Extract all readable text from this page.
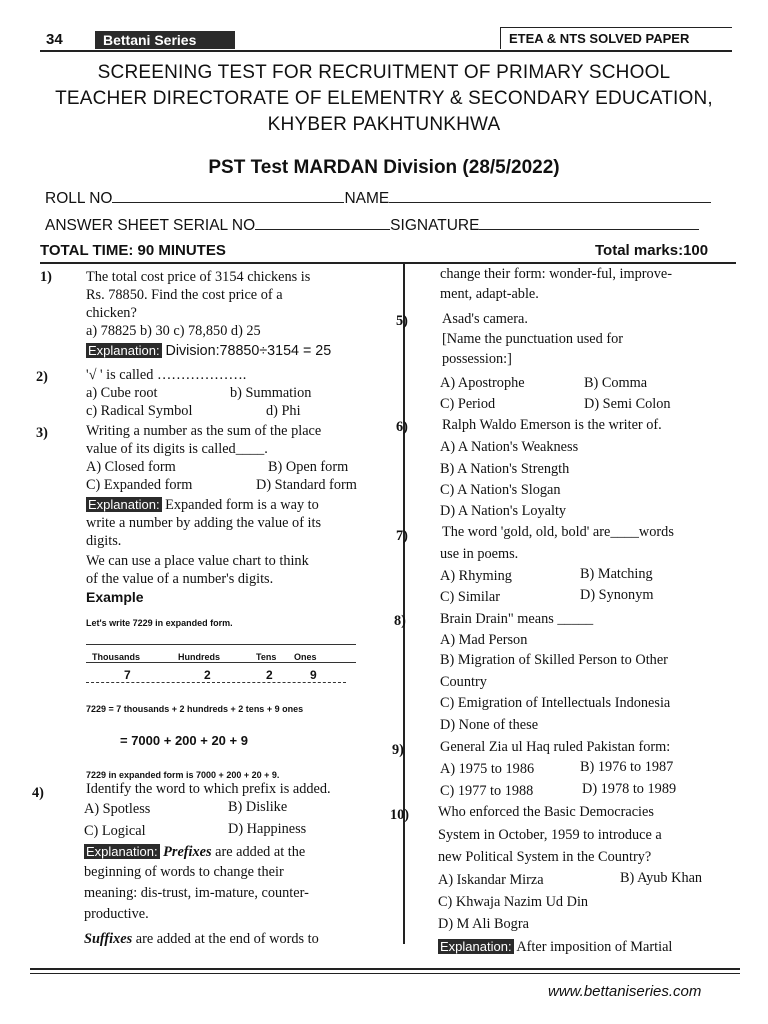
34	Bettani Series	ETEA & NTS SOLVED PAPER
SCREENING TEST FOR RECRUITMENT OF PRIMARY SCHOOL
TEACHER DIRECTORATE OF ELEMENTRY & SECONDARY EDUCATION,
KHYBER PAKHTUNKHWA
PST Test MARDAN Division (28/5/2022)
ROLL NO	NAME
ANSWER SHEET SERIAL NO	SIGNATURE
TOTAL TIME: 90 MINUTES	Total marks:100
1) The total cost price of 3154 chickens is
Rs. 78850. Find the cost price of a
chicken?
a) 78825 b) 30 c) 78,850 d) 25
Explanation: Division:78850÷3154 = 25
2)	'√ ' is called ……………….
a) Cube root	b) Summation
c) Radical Symbol	d) Phi
3)	Writing a number as the sum of the place
value of its digits is called____.
A) Closed form	B) Open form
C) Expanded form	D) Standard form
Explanation: Expanded form is a way to
write a number by adding the value of its
digits.
We can use a place value chart to think
of the value of a number's digits.
Example
Let's write 7229 in expanded form.
Thousands	Hundreds	Tens Ones
7	2	2	9
7229 = 7 thousands + 2 hundreds + 2 tens + 9 ones
= 7000 + 200 + 20 + 9
7229 in expanded form is 7000 + 200 + 20 + 9.
4)	Identify the word to which prefix is added.
A) Spotless	B) Dislike
C) Logical	D) Happiness
Explanation: Prefixes are added at the
beginning of words to change their
meaning: dis-trust, im-mature, counter-
productive.
Suffixes are added at the end of words to
change their form: wonder-ful, improve-
ment, adapt-able.
5) Asad's camera.
[Name the punctuation used for
possession:]
A) Apostrophe	B) Comma
C) Period	D) Semi Colon
6) Ralph Waldo Emerson is the writer of.
A) A Nation's Weakness
B) A Nation's Strength
C) A Nation's Slogan
D) A Nation's Loyalty
7) The word 'gold, old, bold' are____words
use in poems.
A) Rhyming	B) Matching
C) Similar	D) Synonym
8) Brain Drain" means _____
A) Mad Person
B) Migration of Skilled Person to Other
Country
C) Emigration of Intellectuals Indonesia
D) None of these
9)	General Zia ul Haq ruled Pakistan form:
A) 1975 to 1986	B) 1976 to 1987
C) 1977 to 1988	D) 1978 to 1989
10) Who enforced the Basic Democracies
System in October, 1959 to introduce a
new Political System in the Country?
A) Iskandar Mirza	B) Ayub Khan
C) Khwaja Nazim Ud Din
D) M Ali Bogra
Explanation: After imposition of Martial
www.bettaniseries.com
